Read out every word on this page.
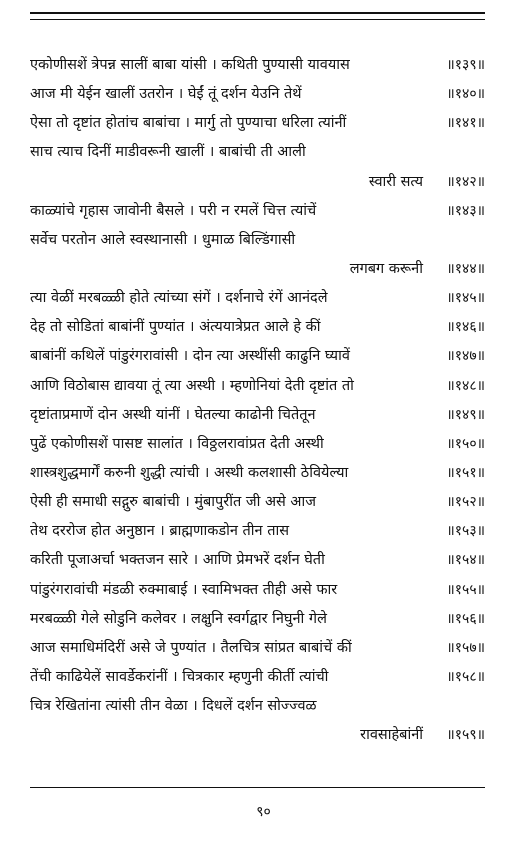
एकोणीसशें त्रेपन्न सालीं बाबा यांसी । कथिती पुण्यासी यावयास	॥१३९॥
आज मी येईन खालीं उतरोन । घेईं तूं दर्शन येउनि तेथें	॥१४०॥
ऐसा तो दृष्टांत होतांच बाबांचा । मार्गु तो पुण्याचा धरिला त्यांनीं	॥१४१॥
साच त्याच दिनीं माडीवरूनी खालीं । बाबांची ती आली
स्वारी सत्य ॥१४२॥
काळ्यांचे गृहास जावोनी बैसले । परी न रमलें चित्त त्यांचें	॥१४३॥
सर्वेच परतोन आले स्वस्थानासी । धुमाळ बिल्डिंगासी
लगबग करूनी ॥१४४॥
त्या वेळीं मरबळ्ळी होते त्यांच्या संगें । दर्शनाचे रंगें आनंदले	॥१४५॥
देह तो सोडितां बाबांनीं पुण्यांत । अंत्ययात्रेप्रत आले हे कीं	॥१४६॥
बाबांनीं कथिलें पांडुरंगरावांसी । दोन त्या अस्थींसी काढुनि घ्यावें	॥१४७॥
आणि विठोबास द्यावया तूं त्या अस्थी । म्हणोनियां देती दृष्टांत तो	॥१४८॥
दृष्टांताप्रमाणें दोन अस्थी यांनीं । घेतल्या काढोनी चितेतून	॥१४९॥
पुढें एकोणीसशें पासष्ट सालांत । विठ्ठलरावांप्रत देती अस्थी	॥१५०॥
शास्त्रशुद्धमार्गें करुनी शुद्धी त्यांची । अस्थी कलशासी ठेवियेल्या	॥१५१॥
ऐसी ही समाधी सद्गुरु बाबांची । मुंबापुरींत जी असे आज	॥१५२॥
तेथ दररोज होत अनुष्ठान । ब्राह्मणाकडोन तीन तास	॥१५३॥
करिती पूजाअर्चा भक्तजन सारे । आणि प्रेमभरें दर्शन घेती	॥१५४॥
पांडुरंगरावांची मंडळी रुक्माबाई । स्वामिभक्त तीही असे फार	॥१५५॥
मरबळ्ळी गेले सोडुनि कलेवर । लक्षुनि स्वर्गद्वार निघुनी गेले	॥१५६॥
आज समाधिमंदिरीं असे जे पुण्यांत । तैलचित्र सांप्रत बाबांचें कीं	॥१५७॥
तेंची काढियेलें सावर्डेकरांनीं । चित्रकार म्हणुनी कीर्ती त्यांची	॥१५८॥
चित्र रेखितांना त्यांसी तीन वेळा । दिधलें दर्शन सोज्ज्वळ
रावसाहेबांनीं ॥१५९॥
९०
